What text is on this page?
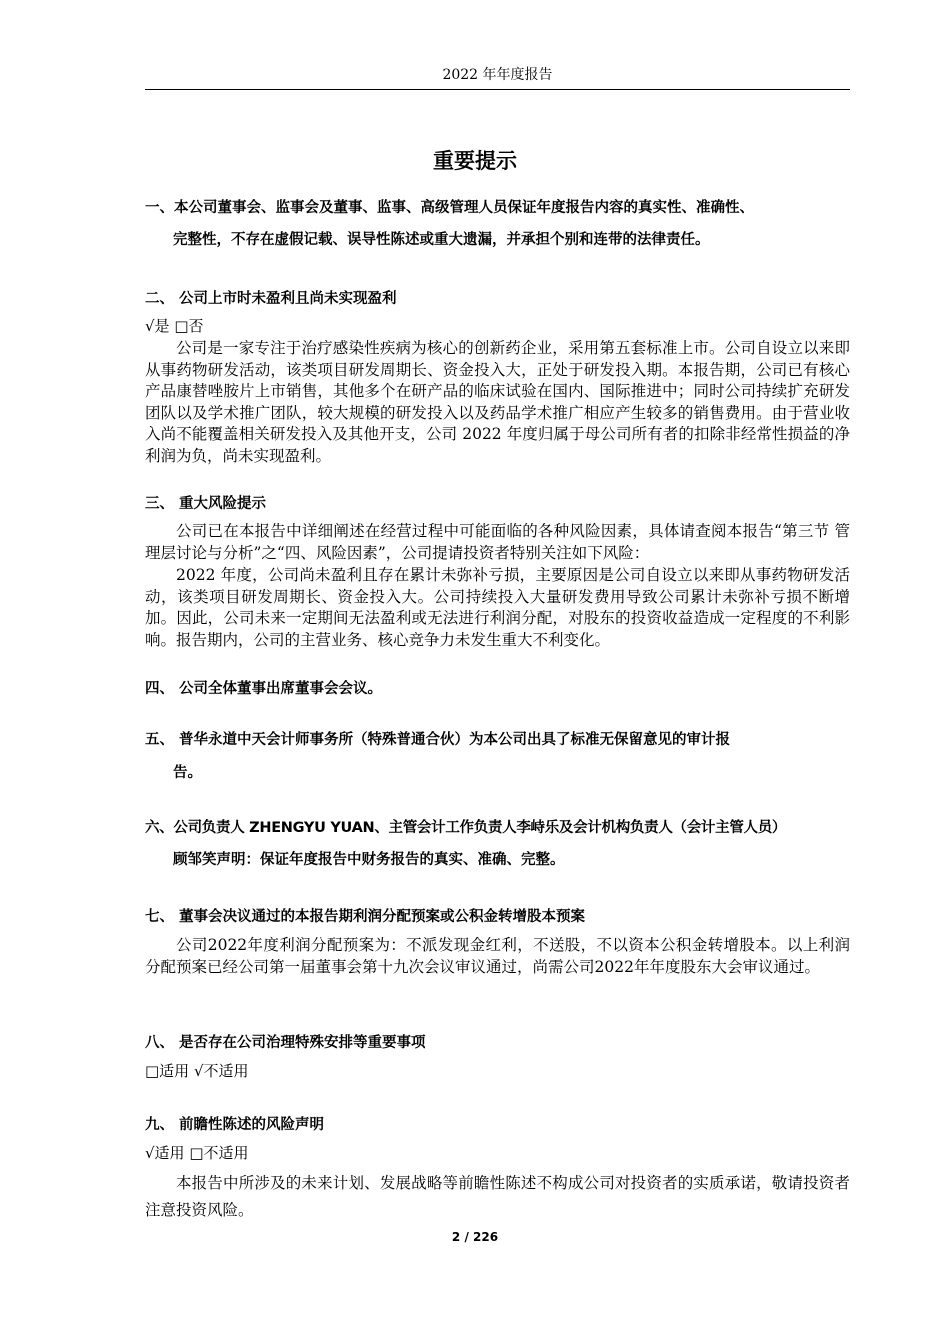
2022 年年度报告
重要提示
一、本公司董事会、监事会及董事、监事、高级管理人员保证年度报告内容的真实性、准确性、
完整性，不存在虚假记载、误导性陈述或重大遗漏，并承担个别和连带的法律责任。
二、 公司上市时未盈利且尚未实现盈利
√是 □否
公司是一家专注于治疗感染性疾病为核心的创新药企业，采用第五套标准上市。公司自设立以来即从事药物研发活动，该类项目研发周期长、资金投入大，正处于研发投入期。本报告期，公司已有核心产品康替唑胺片上市销售，其他多个在研产品的临床试验在国内、国际推进中；同时公司持续扩充研发团队以及学术推广团队，较大规模的研发投入以及药品学术推广相应产生较多的销售费用。由于营业收入尚不能覆盖相关研发投入及其他开支，公司 2022 年度归属于母公司所有者的扣除非经常性损益的净利润为负，尚未实现盈利。
三、 重大风险提示
公司已在本报告中详细阐述在经营过程中可能面临的各种风险因素，具体请查阅本报告“第三节 管理层讨论与分析”之“四、风险因素”，公司提请投资者特别关注如下风险：
2022 年度，公司尚未盈利且存在累计未弥补亏损，主要原因是公司自设立以来即从事药物研发活动，该类项目研发周期长、资金投入大。公司持续投入大量研发费用导致公司累计未弥补亏损不断增加。因此，公司未来一定期间无法盈利或无法进行利润分配，对股东的投资收益造成一定程度的不利影响。报告期内，公司的主营业务、核心竞争力未发生重大不利变化。
四、 公司全体董事出席董事会会议。
五、 普华永道中天会计师事务所（特殊普通合伙）为本公司出具了标准无保留意见的审计报
告。
六、公司负责人 ZHENGYU YUAN、主管会计工作负责人李峙乐及会计机构负责人（会计主管人员）
顾邹笑声明：保证年度报告中财务报告的真实、准确、完整。
七、 董事会决议通过的本报告期利润分配预案或公积金转增股本预案
公司2022年度利润分配预案为：不派发现金红利，不送股，不以资本公积金转增股本。以上利润分配预案已经公司第一届董事会第十九次会议审议通过，尚需公司2022年年度股东大会审议通过。
八、 是否存在公司治理特殊安排等重要事项
□适用 √不适用
九、 前瞻性陈述的风险声明
√适用 □不适用
本报告中所涉及的未来计划、发展战略等前瞻性陈述不构成公司对投资者的实质承诺，敬请投资者注意投资风险。
2 / 226
